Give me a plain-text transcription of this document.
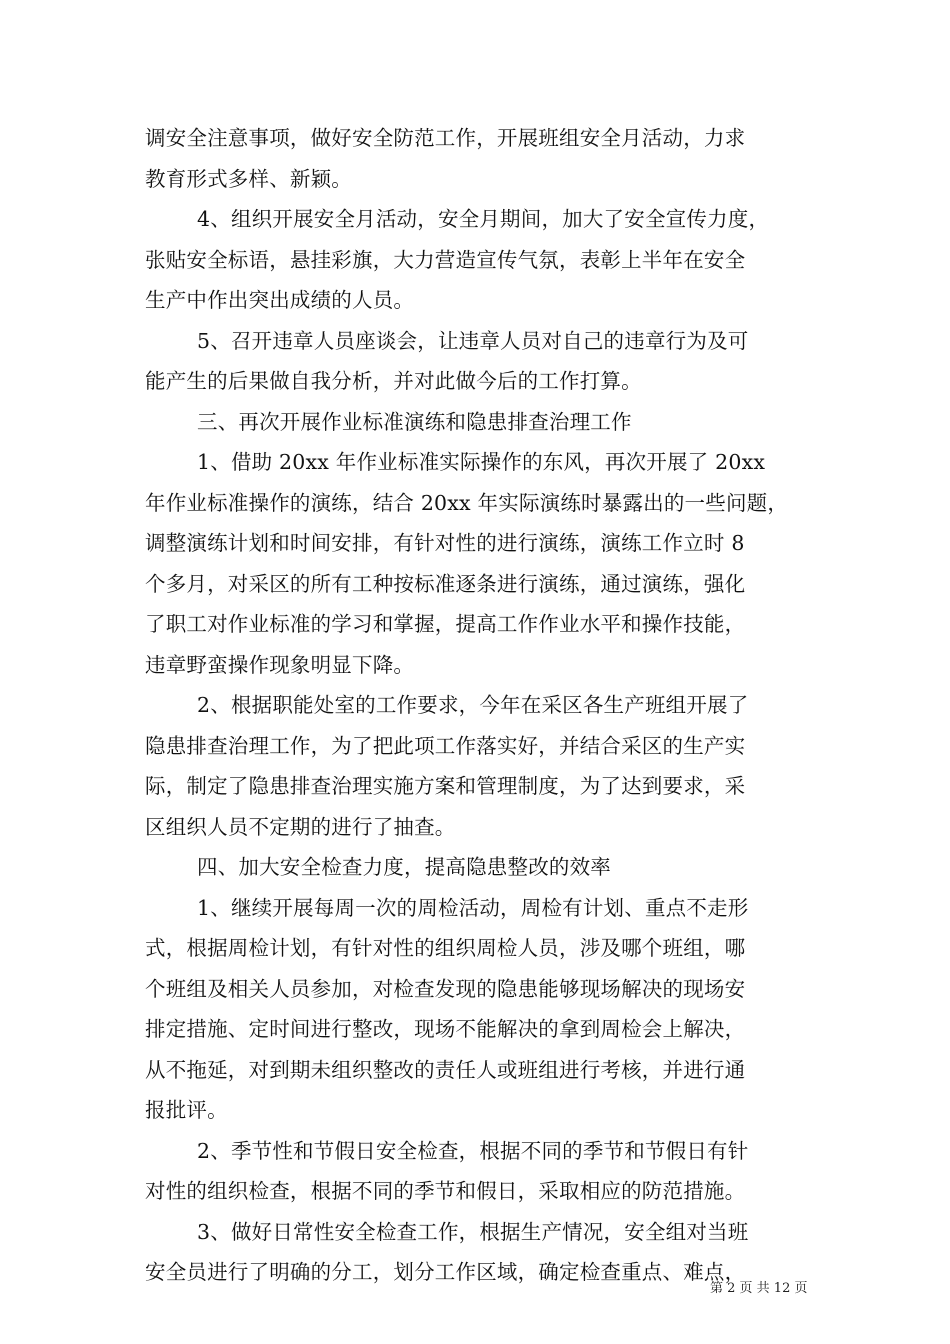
调安全注意事项，做好安全防范工作，开展班组安全月活动，力求
教育形式多样、新颖。
4、组织开展安全月活动，安全月期间，加大了安全宣传力度，
张贴安全标语，悬挂彩旗，大力营造宣传气氛，表彰上半年在安全
生产中作出突出成绩的人员。
5、召开违章人员座谈会，让违章人员对自己的违章行为及可
能产生的后果做自我分析，并对此做今后的工作打算。
三、再次开展作业标准演练和隐患排查治理工作
1、借助 20xx 年作业标准实际操作的东风，再次开展了 20xx
年作业标准操作的演练，结合 20xx 年实际演练时暴露出的一些问题，
调整演练计划和时间安排，有针对性的进行演练，演练工作立时 8
个多月，对采区的所有工种按标准逐条进行演练，通过演练，强化
了职工对作业标准的学习和掌握，提高工作作业水平和操作技能，
违章野蛮操作现象明显下降。
2、根据职能处室的工作要求，今年在采区各生产班组开展了
隐患排查治理工作，为了把此项工作落实好，并结合采区的生产实
际，制定了隐患排查治理实施方案和管理制度，为了达到要求，采
区组织人员不定期的进行了抽查。
四、加大安全检查力度，提高隐患整改的效率
1、继续开展每周一次的周检活动，周检有计划、重点不走形
式，根据周检计划，有针对性的组织周检人员，涉及哪个班组，哪
个班组及相关人员参加，对检查发现的隐患能够现场解决的现场安
排定措施、定时间进行整改，现场不能解决的拿到周检会上解决，
从不拖延，对到期未组织整改的责任人或班组进行考核，并进行通
报批评。
2、季节性和节假日安全检查，根据不同的季节和节假日有针
对性的组织检查，根据不同的季节和假日，采取相应的防范措施。
3、做好日常性安全检查工作，根据生产情况，安全组对当班
安全员进行了明确的分工，划分工作区域，确定检查重点、难点，
第 2 页 共 12 页
